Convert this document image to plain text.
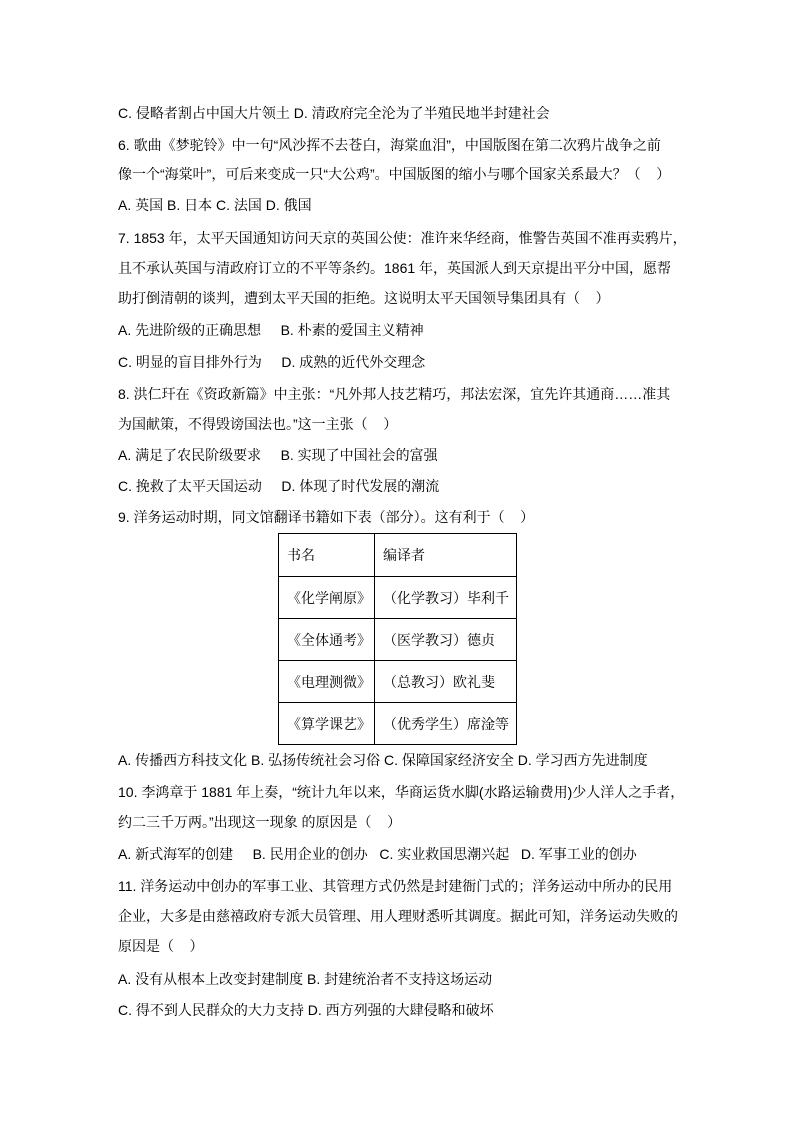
C. 侵略者割占中国大片领土 D. 清政府完全沦为了半殖民地半封建社会
6. 歌曲《梦驼铃》中一句“风沙挥不去苍白，海棠血泪”，中国版图在第二次鸦片战争之前
像一个“海棠叶”，可后来变成一只“大公鸡”。中国版图的缩小与哪个国家关系最大？（    ）
A. 英国 B. 日本 C. 法国 D. 俄国
7. 1853 年，太平天国通知访问天京的英国公使：准许来华经商，惟警告英国不准再卖鸦片，
且不承认英国与清政府订立的不平等条约。1861 年，英国派人到天京提出平分中国，愿帮
助打倒清朝的谈判，遭到太平天国的拒绝。这说明太平天国领导集团具有（    ）
A. 先进阶级的正确思想     B. 朴素的爱国主义精神
C. 明显的盲目排外行为     D. 成熟的近代外交理念
8. 洪仁玕在《资政新篇》中主张：“凡外邦人技艺精巧，邦法宏深，宜先许其通商……准其
为国献策，不得毁谤国法也。”这一主张（    ）
A. 满足了农民阶级要求     B. 实现了中国社会的富强
C. 挽救了太平天国运动     D. 体现了时代发展的潮流
9. 洋务运动时期，同文馆翻译书籍如下表（部分）。这有利于（    ）
书名	编译者
《化学阐原》	（化学教习）毕利千
《全体通考》	（医学教习）德贞
《电理测微》	（总教习）欧礼斐
《算学课艺》	（优秀学生）席淦等
A. 传播西方科技文化 B. 弘扬传统社会习俗 C. 保障国家经济安全 D. 学习西方先进制度
10. 李鸿章于 1881 年上奏，“统计九年以来，华商运货水脚(水路运输费用)少人洋人之手者，
约二三千万两。”出现这一现象 的原因是（    ）
A. 新式海军的创建     B. 民用企业的创办   C. 实业救国思潮兴起   D. 军事工业的创办
11. 洋务运动中创办的军事工业、其管理方式仍然是封建衙门式的；洋务运动中所办的民用
企业，大多是由慈禧政府专派大员管理、用人理财悉听其调度。据此可知，洋务运动失败的
原因是（    ）
A. 没有从根本上改变封建制度 B. 封建统治者不支持这场运动
C. 得不到人民群众的大力支持 D. 西方列强的大肆侵略和破坏
